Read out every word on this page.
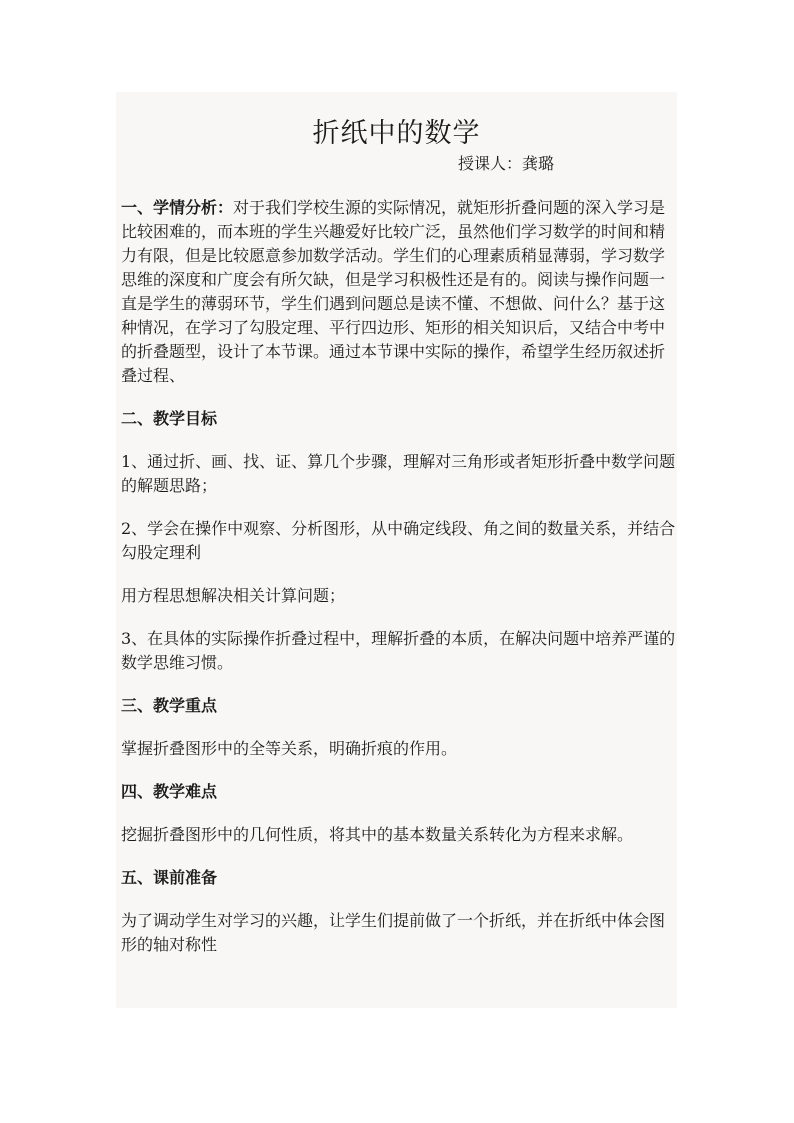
折纸中的数学
授课人：龚璐

一、学情分析：对于我们学校生源的实际情况，就矩形折叠问题的深入学习是比较困难的，而本班的学生兴趣爱好比较广泛，虽然他们学习数学的时间和精力有限，但是比较愿意参加数学活动。学生们的心理素质稍显薄弱，学习数学思维的深度和广度会有所欠缺，但是学习积极性还是有的。阅读与操作问题一直是学生的薄弱环节，学生们遇到问题总是读不懂、不想做、问什么？基于这种情况，在学习了勾股定理、平行四边形、矩形的相关知识后，又结合中考中的折叠题型，设计了本节课。通过本节课中实际的操作，希望学生经历叙述折叠过程、

二、教学目标

1、通过折、画、找、证、算几个步骤，理解对三角形或者矩形折叠中数学问题的解题思路；

2、学会在操作中观察、分析图形，从中确定线段、角之间的数量关系，并结合勾股定理利

用方程思想解决相关计算问题；

3、在具体的实际操作折叠过程中，理解折叠的本质，在解决问题中培养严谨的数学思维习惯。

三、教学重点

掌握折叠图形中的全等关系，明确折痕的作用。

四、教学难点

挖掘折叠图形中的几何性质，将其中的基本数量关系转化为方程来求解。

五、课前准备

为了调动学生对学习的兴趣，让学生们提前做了一个折纸，并在折纸中体会图形的轴对称性
